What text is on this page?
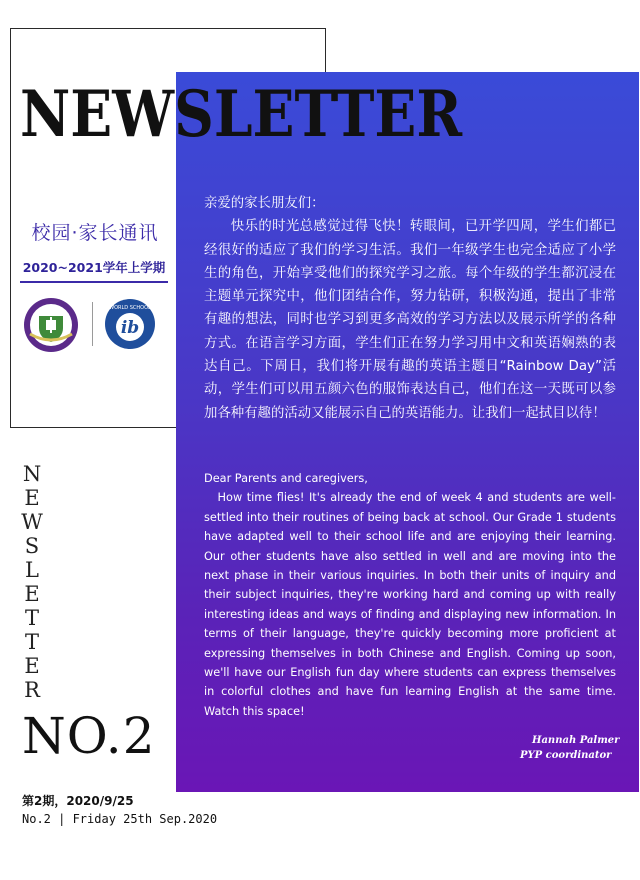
NEWSLETTER
校园·家长通讯
2020~2021学年上学期
ib
WORLD SCHOOL
N
E
W
S
L
E
T
T
E
R
NO.2
第2期，2020/9/25
No.2 | Friday 25th Sep.2020

亲爱的家长朋友们：

快乐的时光总感觉过得飞快！转眼间，已开学四周，学生们都已经很好的适应了我们的学习生活。我们一年级学生也完全适应了小学生的角色，开始享受他们的探究学习之旅。每个年级的学生都沉浸在主题单元探究中，他们团结合作，努力钻研，积极沟通，提出了非常有趣的想法，同时也学习到更多高效的学习方法以及展示所学的各种方式。在语言学习方面，学生们正在努力学习用中文和英语娴熟的表达自己。下周日，我们将开展有趣的英语主题日“Rainbow Day”活动，学生们可以用五颜六色的服饰表达自己，他们在这一天既可以参加各种有趣的活动又能展示自己的英语能力。让我们一起拭目以待！

Dear Parents and caregivers,

How time flies! It's already the end of week 4 and students are well-settled into their routines of being back at school. Our Grade 1 students have adapted well to their school life and are enjoying their learning. Our other students have also settled in well and are moving into the next phase in their various inquiries. In both their units of inquiry and their subject inquiries, they're working hard and coming up with really interesting ideas and ways of finding and displaying new information. In terms of their language, they're quickly becoming more proficient at expressing themselves in both Chinese and English. Coming up soon, we'll have our English fun day where students can express themselves in colorful clothes and have fun learning English at the same time. Watch this space!

Hannah Palmer
PYP coordinator
